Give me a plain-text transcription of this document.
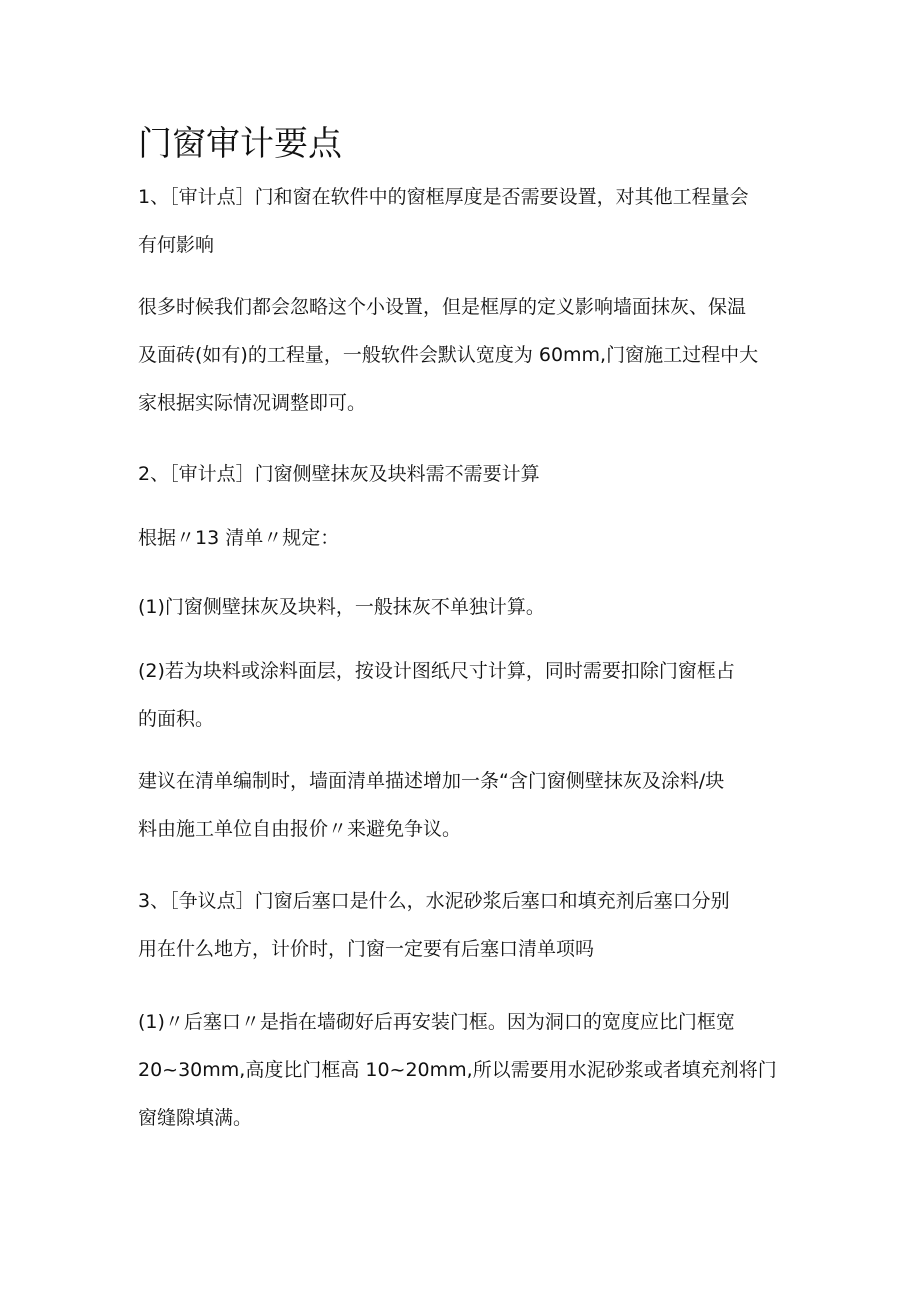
门窗审计要点

1、［审计点］门和窗在软件中的窗框厚度是否需要设置，对其他工程量会
有何影响

很多时候我们都会忽略这个小设置，但是框厚的定义影响墙面抹灰、保温
及面砖(如有)的工程量，一般软件会默认宽度为 60mm,门窗施工过程中大
家根据实际情况调整即可。

2、［审计点］门窗侧壁抹灰及块料需不需要计算

根据〃13 清单〃规定：

(1)门窗侧壁抹灰及块料，一般抹灰不单独计算。

(2)若为块料或涂料面层，按设计图纸尺寸计算，同时需要扣除门窗框占
的面积。

建议在清单编制时，墙面清单描述增加一条“含门窗侧壁抹灰及涂料/块
料由施工单位自由报价〃来避免争议。

3、［争议点］门窗后塞口是什么，水泥砂浆后塞口和填充剂后塞口分别
用在什么地方，计价时，门窗一定要有后塞口清单项吗

(1)〃后塞口〃是指在墙砌好后再安装门框。因为洞口的宽度应比门框宽
20~30mm,高度比门框高 10~20mm,所以需要用水泥砂浆或者填充剂将门
窗缝隙填满。
